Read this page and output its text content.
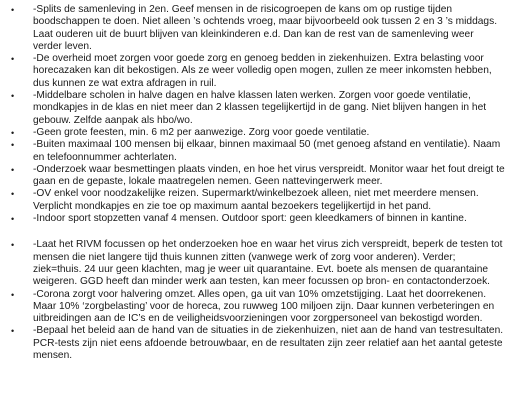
•	-Splits de samenleving in 2en. Geef mensen in de risicogroepen de kans om op rustige tijden boodschappen te doen. Niet alleen ’s ochtends vroeg, maar bijvoorbeeld ook tussen 2 en 3 ’s middags. Laat ouderen uit de buurt blijven van kleinkinderen e.d. Dan kan de rest van de samenleving weer verder leven.
•	-De overheid moet zorgen voor goede zorg en genoeg bedden in ziekenhuizen. Extra belasting voor horecazaken kan dit bekostigen. Als ze weer volledig open mogen, zullen ze meer inkomsten hebben, dus kunnen ze wat extra afdragen in ruil.
•	-Middelbare scholen in halve dagen en halve klassen laten werken. Zorgen voor goede ventilatie, mondkapjes in de klas en niet meer dan 2 klassen tegelijkertijd in de gang. Niet blijven hangen in het gebouw. Zelfde aanpak als hbo/wo.
•	-Geen grote feesten, min. 6 m2 per aanwezige. Zorg voor goede ventilatie.
•	-Buiten maximaal 100 mensen bij elkaar, binnen maximaal 50 (met genoeg afstand en ventilatie). Naam en telefoonnummer achterlaten.
•	-Onderzoek waar besmettingen plaats vinden, en hoe het virus verspreidt. Monitor waar het fout dreigt te gaan en de gepaste, lokale maatregelen nemen. Geen nattevingerwerk meer.
•	-OV enkel voor noodzakelijke reizen. Supermarkt/winkelbezoek alleen, niet met meerdere mensen. Verplicht mondkapjes en zie toe op maximum aantal bezoekers tegelijkertijd in het pand.
•	-Indoor sport stopzetten vanaf 4 mensen. Outdoor sport: geen kleedkamers of binnen in kantine.
•	-Laat het RIVM focussen op het onderzoeken hoe en waar het virus zich verspreidt, beperk de testen tot mensen die niet langere tijd thuis kunnen zitten (vanwege werk of zorg voor anderen). Verder; ziek=thuis. 24 uur geen klachten, mag je weer uit quarantaine. Evt. boete als mensen de quarantaine weigeren. GGD heeft dan minder werk aan testen, kan meer focussen op bron- en contactonderzoek.
•	-Corona zorgt voor halvering omzet. Alles open, ga uit van 10% omzetstijging. Laat het doorrekenen. Maar 10% ‘zorgbelasting’ voor de horeca, zou ruwweg 100 miljoen zijn. Daar kunnen verbeteringen en uitbreidingen aan de IC’s en de veiligheidsvoorzieningen voor zorgpersoneel van bekostigd worden.
•	-Bepaal het beleid aan de hand van de situaties in de ziekenhuizen, niet aan de hand van testresultaten. PCR-tests zijn niet eens afdoende betrouwbaar, en de resultaten zijn zeer relatief aan het aantal geteste mensen.
